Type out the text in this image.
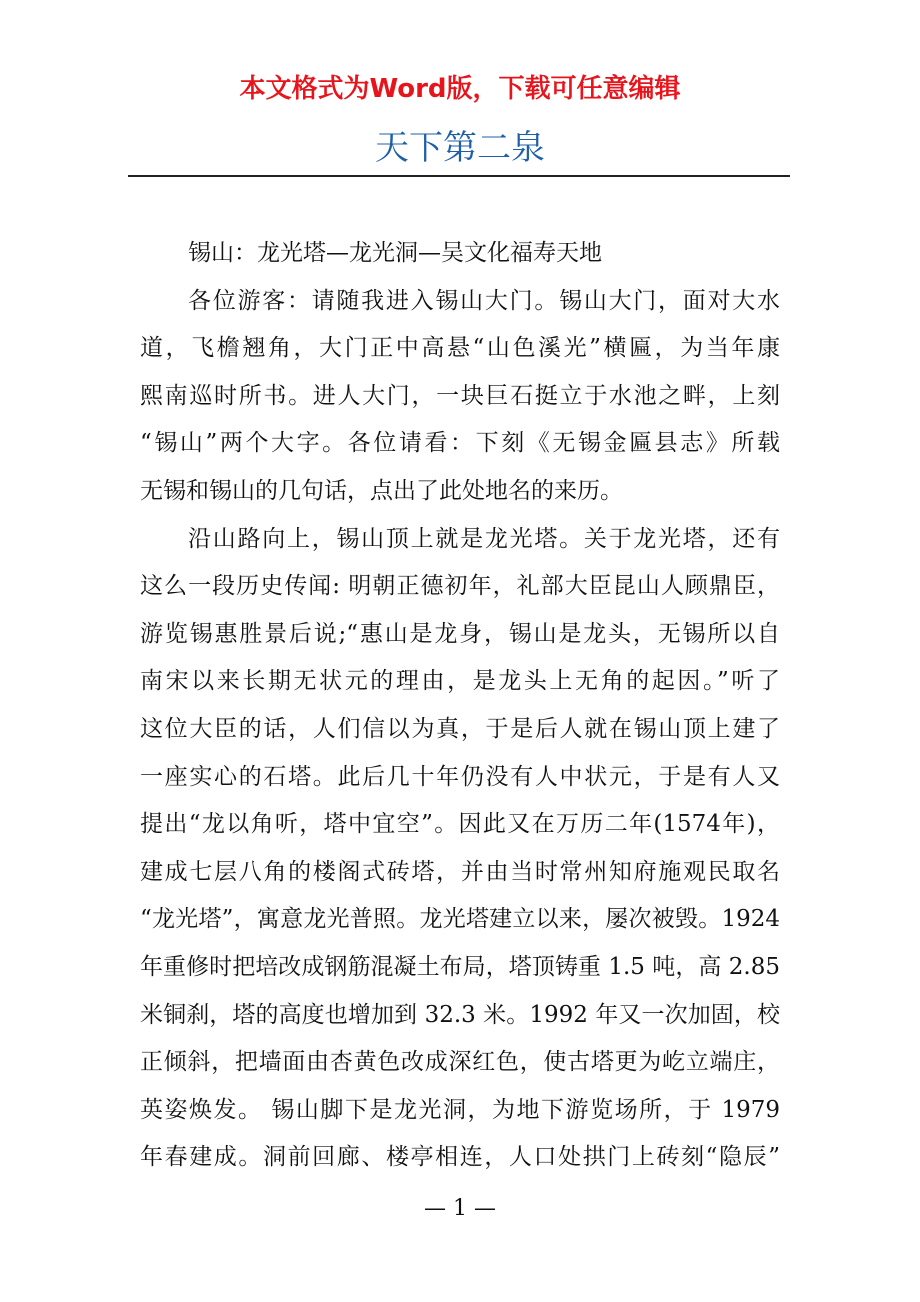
本文格式为Word版，下载可任意编辑
天下第二泉
锡山：龙光塔—龙光洞—吴文化福寿天地
各位游客：请随我进入锡山大门。锡山大门，面对大水
道，飞檐翘角，大门正中高悬“山色溪光”横匾，为当年康
熙南巡时所书。进人大门，一块巨石挺立于水池之畔，上刻
“锡山”两个大字。各位请看：下刻《无锡金匾县志》所载
无锡和锡山的几句话，点出了此处地名的来历。
沿山路向上，锡山顶上就是龙光塔。关于龙光塔，还有
这么一段历史传闻: 明朝正德初年，礼部大臣昆山人顾鼎臣，
游览锡惠胜景后说;“惠山是龙身，锡山是龙头，无锡所以自
南宋以来长期无状元的理由，是龙头上无角的起因。”听了
这位大臣的话，人们信以为真，于是后人就在锡山顶上建了
一座实心的石塔。此后几十年仍没有人中状元，于是有人又
提出“龙以角听，塔中宜空”。因此又在万历二年(1574年)，
建成七层八角的楼阁式砖塔，并由当时常州知府施观民取名
“龙光塔”，寓意龙光普照。龙光塔建立以来，屡次被毁。1924
年重修时把培改成钢筋混凝土布局，塔顶铸重 1.5 吨，高 2.85
米铜刹，塔的高度也增加到 32.3 米。1992 年又一次加固，校
正倾斜，把墙面由杏黄色改成深红色，使古塔更为屹立端庄，
英姿焕发。 锡山脚下是龙光洞，为地下游览场所，于 1979
年春建成。洞前回廊、楼亭相连，人口处拱门上砖刻“隐辰”
— 1 —
